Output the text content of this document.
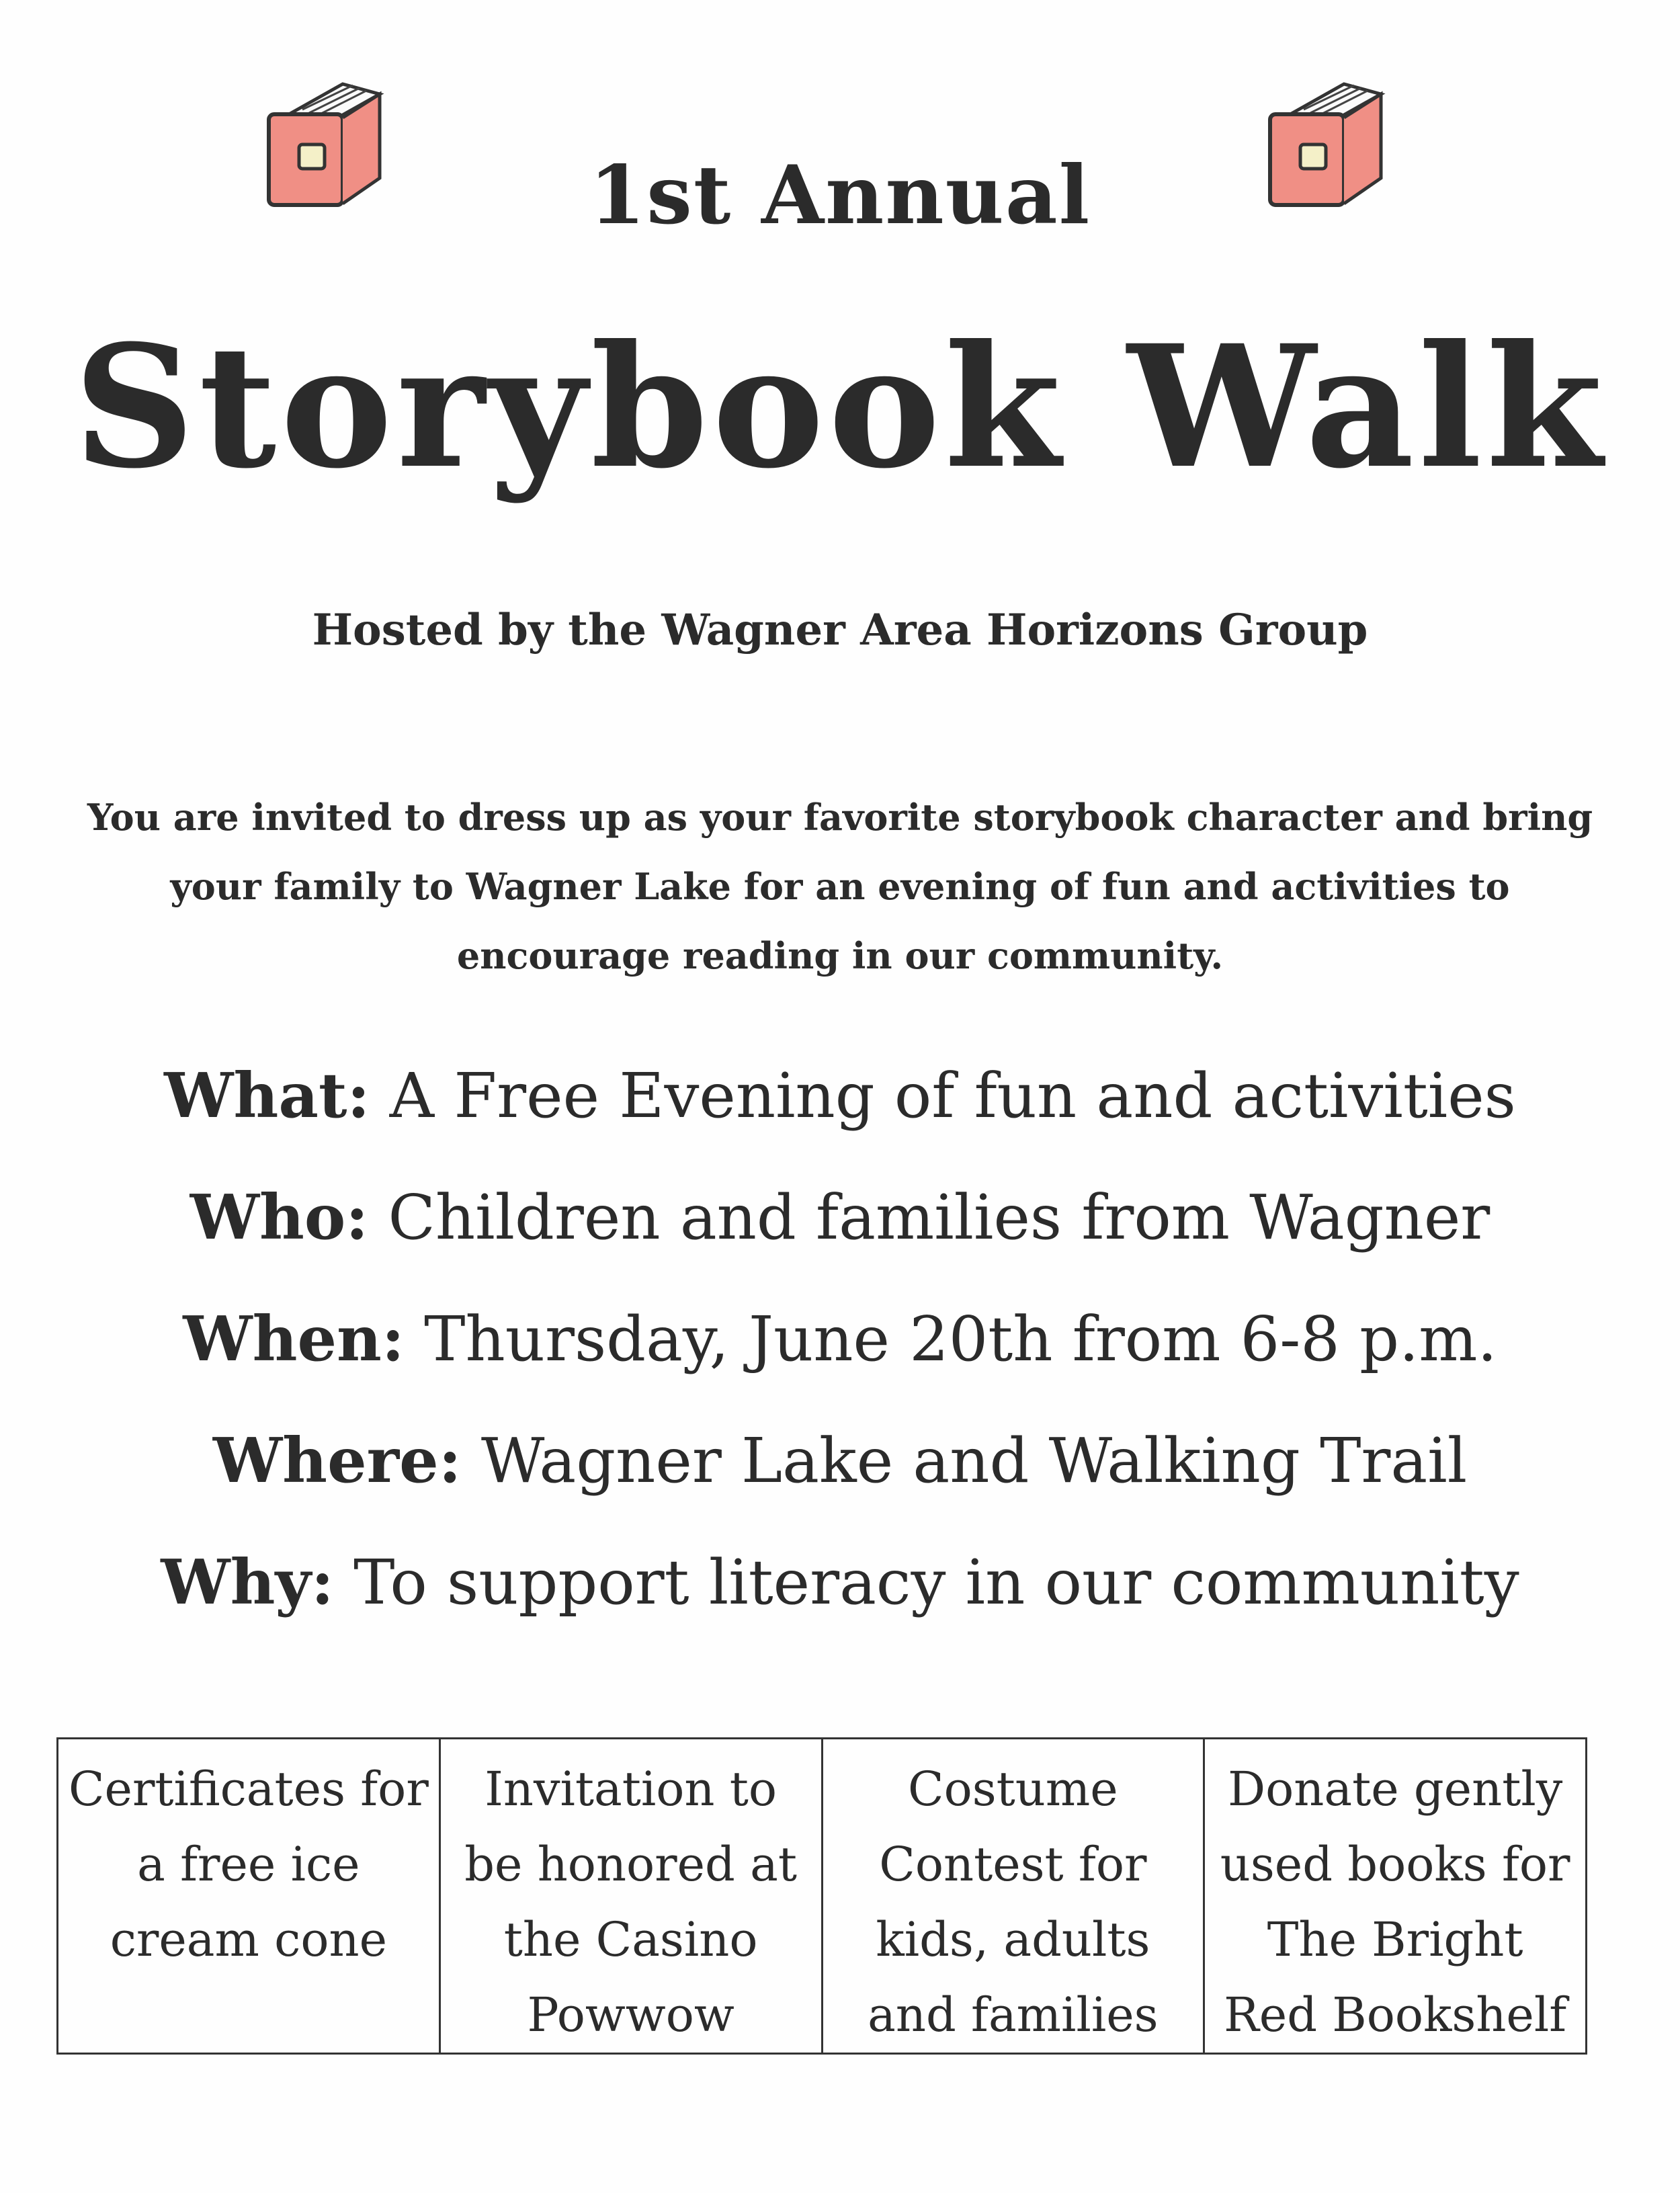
1st Annual
Storybook Walk
Hosted by the Wagner Area Horizons Group
You are invited to dress up as your favorite storybook character and bring your family to Wagner Lake for an evening of fun and activities to encourage reading in our community.
What: A Free Evening of fun and activities
Who: Children and families from Wagner
When: Thursday, June 20th from 6-8 p.m.
Where: Wagner Lake and Walking Trail
Why: To support literacy in our community
Certificates for a free ice cream cone	Invitation to be honored at the Casino Powwow	Costume Contest for kids, adults and families	Donate gently used books for The Bright Red Bookshelf
